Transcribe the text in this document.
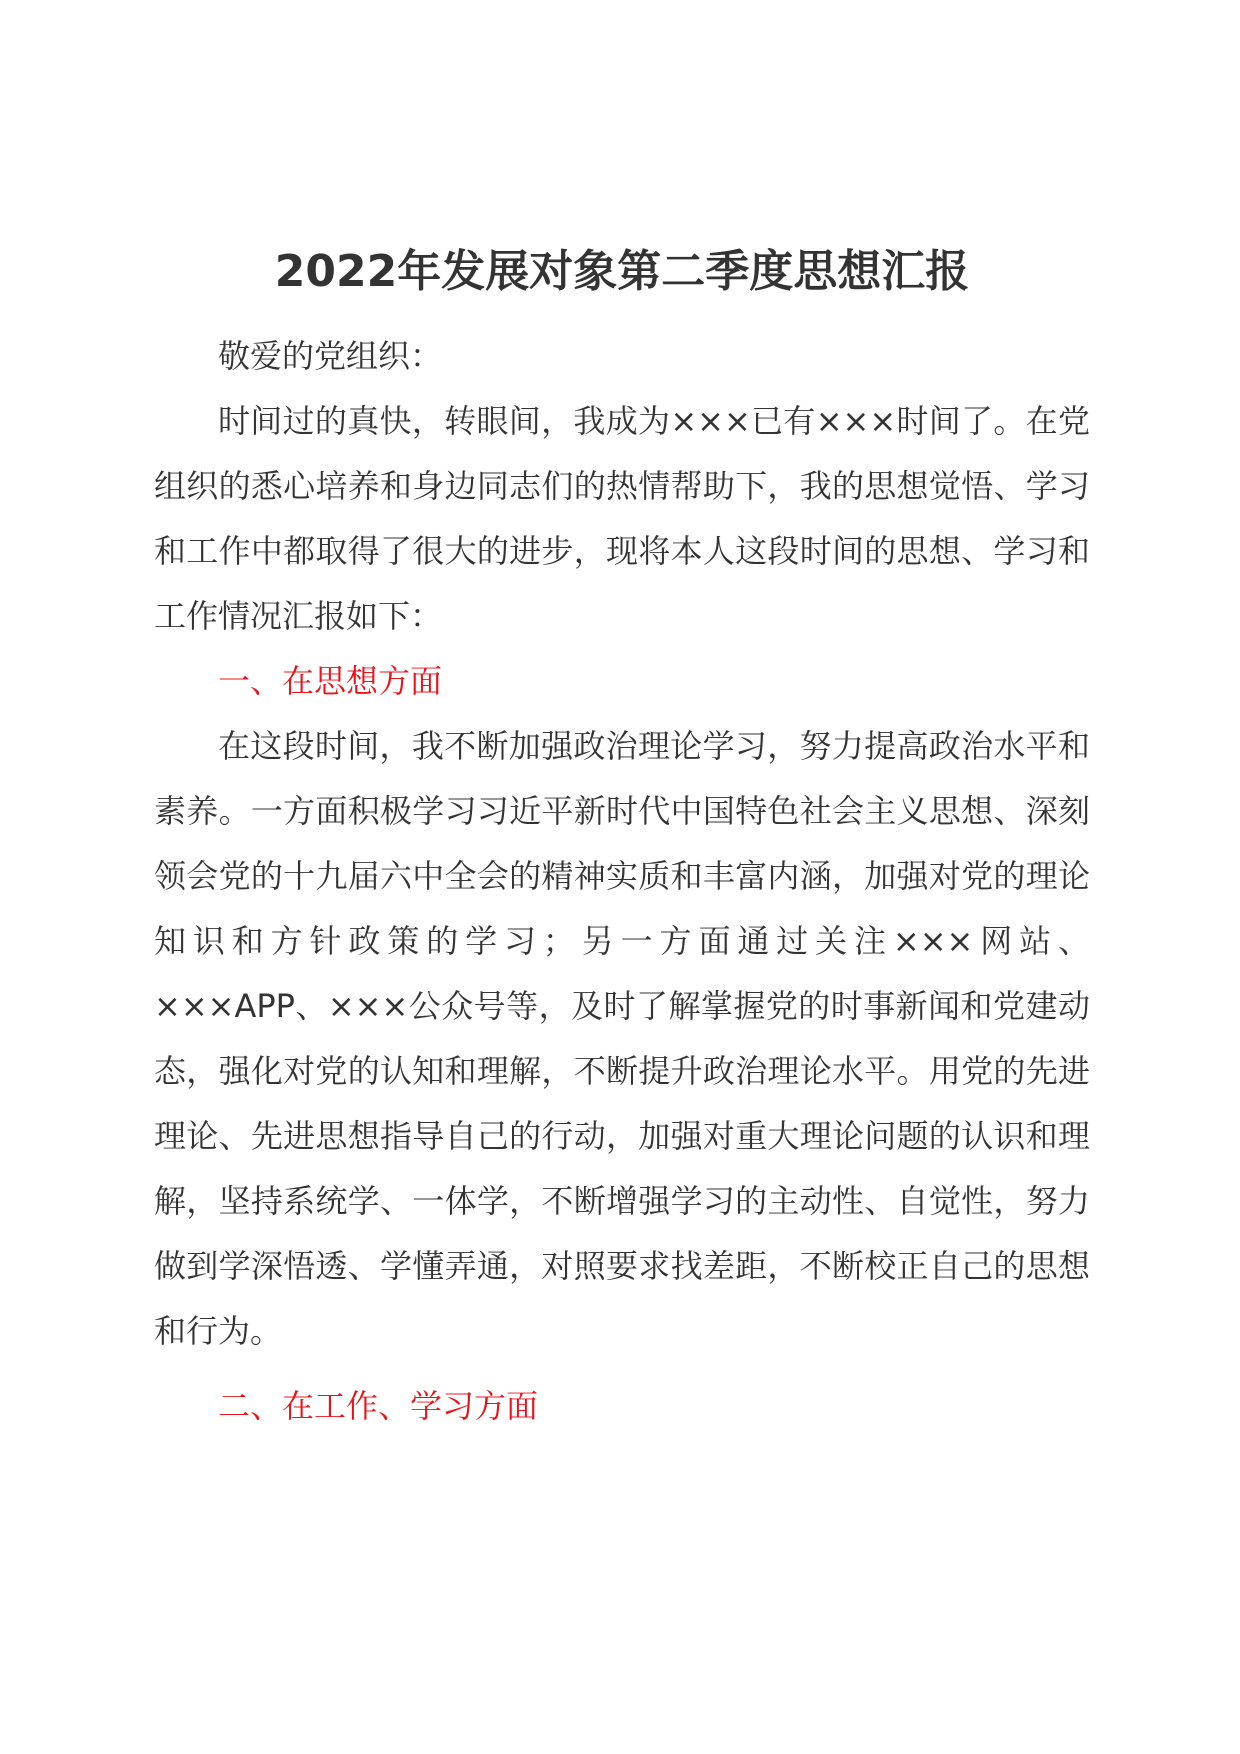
2022年发展对象第二季度思想汇报

敬爱的党组织：

时间过的真快，转眼间，我成为×××已有×××时间了。在党组织的悉心培养和身边同志们的热情帮助下，我的思想觉悟、学习和工作中都取得了很大的进步，现将本人这段时间的思想、学习和工作情况汇报如下：

一、在思想方面

在这段时间，我不断加强政治理论学习，努力提高政治水平和素养。一方面积极学习习近平新时代中国特色社会主义思想、深刻领会党的十九届六中全会的精神实质和丰富内涵，加强对党的理论知识和方针政策的学习；另一方面通过关注×××网站、×××APP、×××公众号等，及时了解掌握党的时事新闻和党建动态，强化对党的认知和理解，不断提升政治理论水平。用党的先进理论、先进思想指导自己的行动，加强对重大理论问题的认识和理解，坚持系统学、一体学，不断增强学习的主动性、自觉性，努力做到学深悟透、学懂弄通，对照要求找差距，不断校正自己的思想和行为。

二、在工作、学习方面
